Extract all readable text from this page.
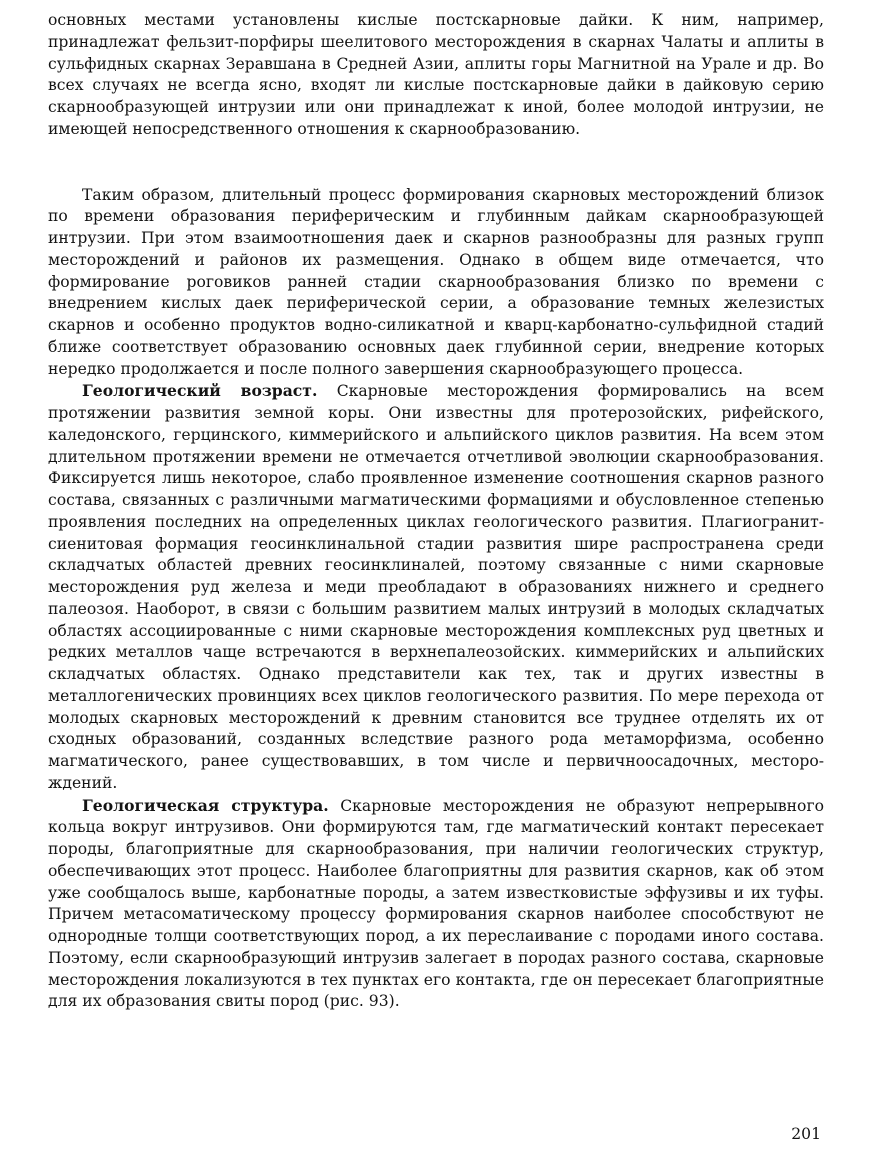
основных местами установлены кислые постскарновые дайки. К ним, например, принадлежат фельзит-порфиры шеелитового месторождения в скарнах Чалаты и аплиты в сульфидных скарнах Зеравшана в Средней Азии, аплиты горы Магнитной на Урале и др. Во всех случаях не всегда ясно, входят ли кислые постскарновые дайки в дайковую серию скарнообразующей интрузии или они принадлежат к иной, более молодой интрузии, не имеющей непосредственного отношения к скарнообразованию.

Таким образом, длительный процесс формирования скарновых месторождений близок по времени образования периферическим и глубинным дайкам скарнообразующей интрузии. При этом взаимоотношения даек и скарнов разнообразны для разных групп месторождений и районов их размещения. Однако в общем виде отмечается, что формирование роговиков ранней стадии скарнообразования близко по времени с внедрением кислых даек периферической серии, а образование темных железистых скарнов и особенно продуктов водно-силикатной и кварц-карбонатно-сульфидной стадий ближе соответствует образованию основных даек глубинной серии, внедрение которых нередко продолжается и после полного завершения скарнообразующего процесса.

Геологический возраст. Скарновые месторождения формировались на всем протяжении развития земной коры. Они известны для протерозойских, рифейского, каледонского, герцинского, киммерийского и альпийского циклов развития. На всем этом длительном протяжении времени не отмечается отчетливой эволюции скарнообразования. Фиксируется лишь некоторое, слабо проявленное изменение соотношения скарнов разного состава, связанных с различными магматическими формациями и обусловленное степенью проявления последних на определенных циклах геологического развития. Плагиогранит-сиенитовая формация геосинклинальной стадии развития шире распространена среди складчатых областей древних геосинклиналей, поэтому связанные с ними скарновые месторождения руд железа и меди преобладают в образованиях нижнего и среднего палеозоя. Наоборот, в связи с большим развитием малых интрузий в молодых складчатых областях ассоциированные с ними скарновые месторождения комплексных руд цветных и редких металлов чаще встречаются в верхнепалеозойских. киммерийских и альпийских складчатых областях. Однако представители как тех, так и других известны в металлогенических провинциях всех циклов геологического развития. По мере перехода от молодых скарновых месторождений к древним становится все труднее отделять их от сходных образований, созданных вследствие разного рода метаморфизма, особенно магматического, ранее существовавших, в том числе и первичноосадочных, месторождений.

Геологическая структура. Скарновые месторождения не образуют непрерывного кольца вокруг интрузивов. Они формируются там, где магматический контакт пересекает породы, благоприятные для скарнообразования, при наличии геологических структур, обеспечивающих этот процесс. Наиболее благоприятны для развития скарнов, как об этом уже сообщалось выше, карбонатные породы, а затем известковистые эффузивы и их туфы. Причем метасоматическому процессу формирования скарнов наиболее способствуют не однородные толщи соответствующих пород, а их переслаивание с породами иного состава. Поэтому, если скарнообразующий интрузив залегает в породах разного состава, скарновые месторождения локализуются в тех пунктах его контакта, где он пересекает благоприятные для их образования свиты пород (рис. 93).

201
